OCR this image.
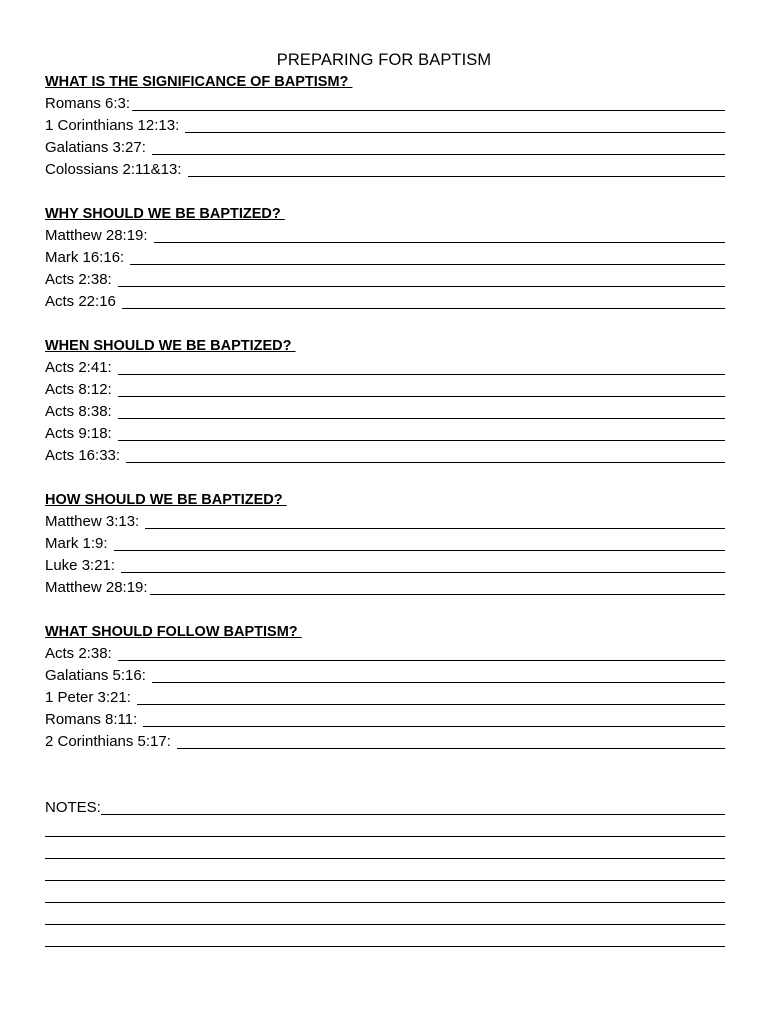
PREPARING FOR BAPTISM
WHAT IS THE SIGNIFICANCE OF BAPTISM?
Romans 6:3:
1 Corinthians 12:13:
Galatians 3:27:
Colossians 2:11&13:
WHY SHOULD WE BE BAPTIZED?
Matthew 28:19:
Mark 16:16:
Acts 2:38:
Acts 22:16
WHEN SHOULD WE BE BAPTIZED?
Acts 2:41:
Acts 8:12:
Acts 8:38:
Acts 9:18:
Acts 16:33:
HOW SHOULD WE BE BAPTIZED?
Matthew 3:13:
Mark 1:9:
Luke 3:21:
Matthew 28:19:
WHAT SHOULD FOLLOW BAPTISM?
Acts 2:38:
Galatians 5:16:
1 Peter 3:21:
Romans 8:11:
2 Corinthians 5:17:
NOTES:
